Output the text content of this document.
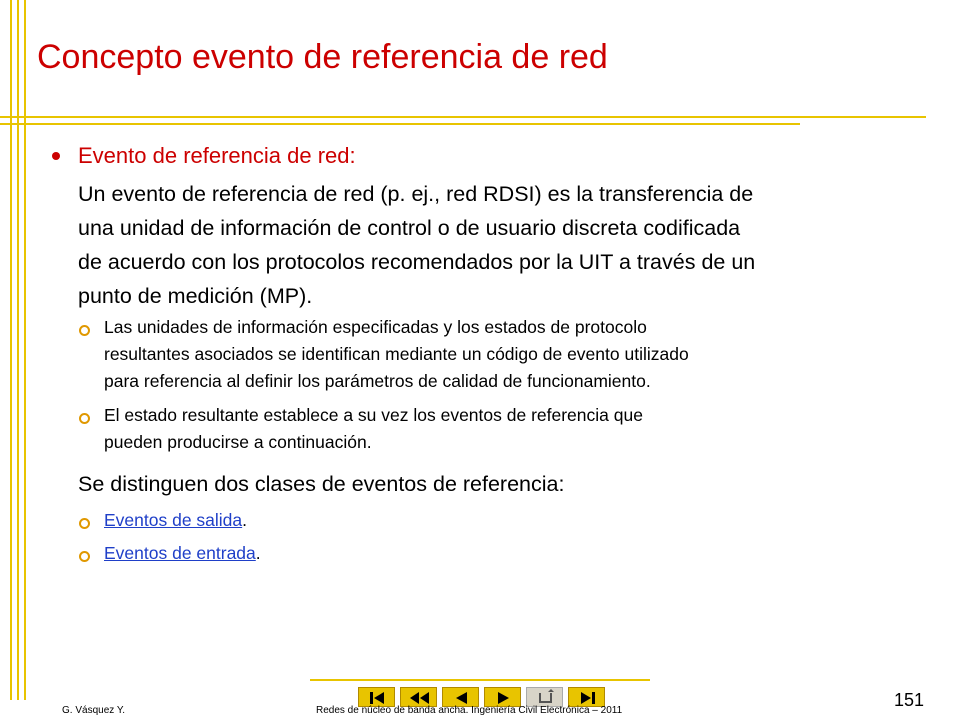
Concepto evento de referencia de red
Evento de referencia de red:
Un evento de referencia de red (p. ej., red RDSI) es la transferencia de
una unidad de información de control o de usuario discreta codificada
de acuerdo con los protocolos recomendados por la UIT a través de un
punto de medición (MP).
Las unidades de información especificadas y los estados de protocolo
resultantes asociados se identifican mediante un código de evento utilizado
para referencia al definir los parámetros de calidad de funcionamiento.
El estado resultante establece a su vez los eventos de referencia que
pueden producirse a continuación.
Se distinguen dos clases de eventos de referencia:
Eventos de salida.
Eventos de entrada.
G. Vásquez Y.	Redes de núcleo de banda ancha. Ingeniería Civil Electrónica – 2011
151
